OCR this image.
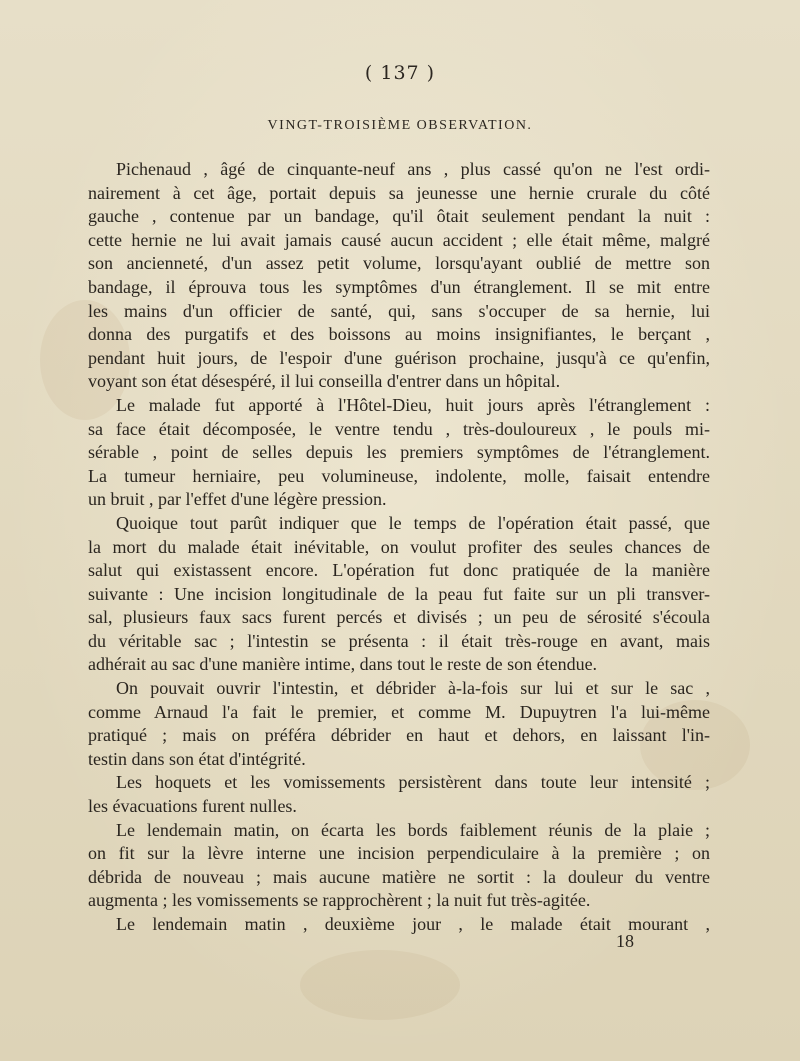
( 137 )
VINGT-TROISIÈME OBSERVATION.
Pichenaud , âgé de cinquante-neuf ans , plus cassé qu'on ne l'est ordi-
nairement à cet âge, portait depuis sa jeunesse une hernie crurale du côté
gauche , contenue par un bandage, qu'il ôtait seulement pendant la nuit :
cette hernie ne lui avait jamais causé aucun accident ; elle était même, malgré
son ancienneté, d'un assez petit volume, lorsqu'ayant oublié de mettre son
bandage, il éprouva tous les symptômes d'un étranglement. Il se mit entre
les mains d'un officier de santé, qui, sans s'occuper de sa hernie, lui
donna des purgatifs et des boissons au moins insignifiantes, le berçant ,
pendant huit jours, de l'espoir d'une guérison prochaine, jusqu'à ce qu'enfin,
voyant son état désespéré, il lui conseilla d'entrer dans un hôpital.
Le malade fut apporté à l'Hôtel-Dieu, huit jours après l'étranglement :
sa face était décomposée, le ventre tendu , très-douloureux , le pouls mi-
sérable , point de selles depuis les premiers symptômes de l'étranglement.
La tumeur herniaire, peu volumineuse, indolente, molle, faisait entendre
un bruit , par l'effet d'une légère pression.
Quoique tout parût indiquer que le temps de l'opération était passé, que
la mort du malade était inévitable, on voulut profiter des seules chances de
salut qui existassent encore. L'opération fut donc pratiquée de la manière
suivante : Une incision longitudinale de la peau fut faite sur un pli transver-
sal, plusieurs faux sacs furent percés et divisés ; un peu de sérosité s'écoula
du véritable sac ; l'intestin se présenta : il était très-rouge en avant, mais
adhérait au sac d'une manière intime, dans tout le reste de son étendue.
On pouvait ouvrir l'intestin, et débrider à-la-fois sur lui et sur le sac ,
comme Arnaud l'a fait le premier, et comme M. Dupuytren l'a lui-même
pratiqué ; mais on préféra débrider en haut et dehors, en laissant l'in-
testin dans son état d'intégrité.
Les hoquets et les vomissements persistèrent dans toute leur intensité ;
les évacuations furent nulles.
Le lendemain matin, on écarta les bords faiblement réunis de la plaie ;
on fit sur la lèvre interne une incision perpendiculaire à la première ; on
débrida de nouveau ; mais aucune matière ne sortit : la douleur du ventre
augmenta ; les vomissements se rapprochèrent ; la nuit fut très-agitée.
Le lendemain matin , deuxième jour , le malade était mourant ,
18
